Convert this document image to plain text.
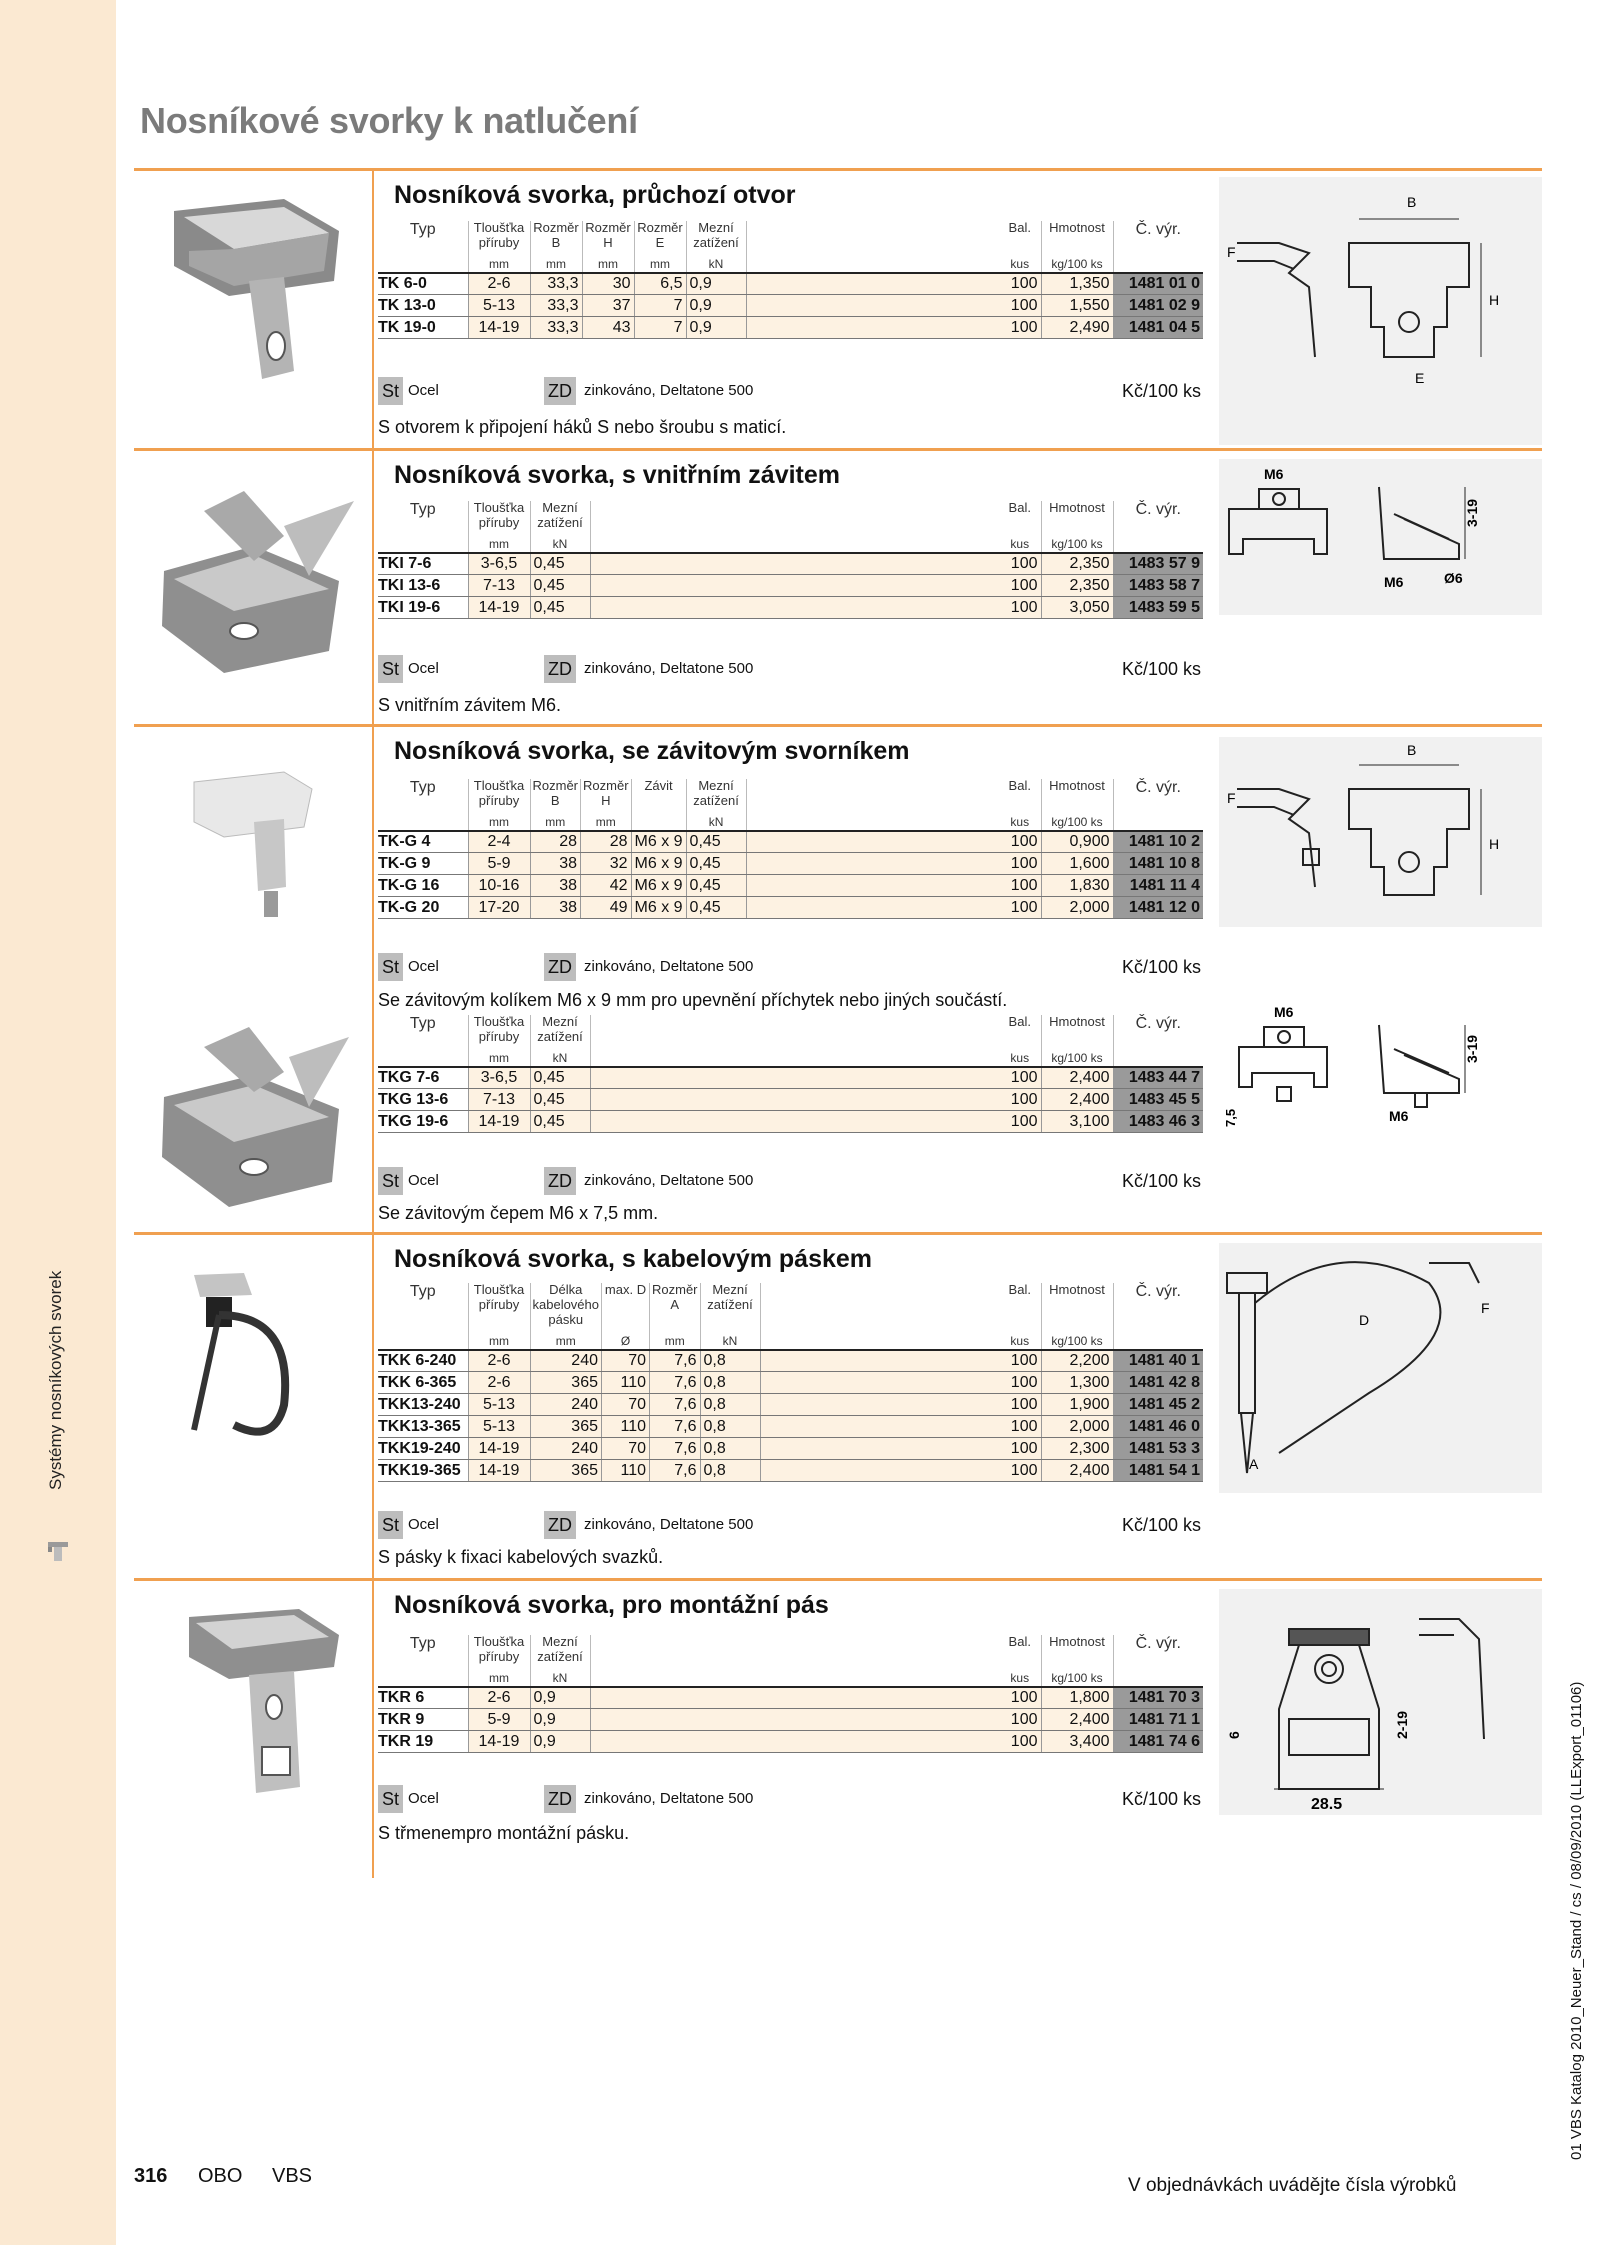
Systémy nosníkových svorek
Nosníkové svorky k natlučení
Nosníková svorka, průchozí otvor
Typ	Tloušťka příruby	Rozměr B	Rozměr H	Rozměr E	Mezní zatížení		Bal.	Hmotnost	Č. výr.
	mm	mm	mm	mm	kN		kus	kg/100 ks	
TK 6-0	2-6	33,3	30	6,5	0,9		100	1,350	1481 01 0
TK 13-0	5-13	33,3	37	7	0,9		100	1,550	1481 02 9
TK 19-0	14-19	33,3	43	7	0,9		100	2,490	1481 04 5
St Ocel	ZD zinkováno, Deltatone 500	Kč/100 ks
S otvorem k připojení háků S nebo šroubu s maticí.
B
F
H
E
Nosníková svorka, s vnitřním závitem
Typ	Tloušťka příruby	Mezní zatížení		Bal.	Hmotnost	Č. výr.
	mm	kN		kus	kg/100 ks	
TKI 7-6	3-6,5	0,45		100	2,350	1483 57 9
TKI 13-6	7-13	0,45		100	2,350	1483 58 7
TKI 19-6	14-19	0,45		100	3,050	1483 59 5
St Ocel	ZD zinkováno, Deltatone 500	Kč/100 ks
S vnitřním závitem M6.
M6
3-19
M6	Ø6
Nosníková svorka, se závitovým svorníkem
Typ	Tloušťka příruby	Rozměr B	Rozměr H	Závit	Mezní zatížení		Bal.	Hmotnost	Č. výr.
	mm	mm	mm		kN		kus	kg/100 ks	
TK-G 4	2-4	28	28	M6 x 9	0,45		100	0,900	1481 10 2
TK-G 9	5-9	38	32	M6 x 9	0,45		100	1,600	1481 10 8
TK-G 16	10-16	38	42	M6 x 9	0,45		100	1,830	1481 11 4
TK-G 20	17-20	38	49	M6 x 9	0,45		100	2,000	1481 12 0
St Ocel	ZD zinkováno, Deltatone 500	Kč/100 ks
Se závitovým kolíkem M6 x 9 mm pro upevnění příchytek nebo jiných součástí.
Typ	Tloušťka příruby	Mezní zatížení		Bal.	Hmotnost	Č. výr.
	mm	kN		kus	kg/100 ks	
TKG 7-6	3-6,5	0,45		100	2,400	1483 44 7
TKG 13-6	7-13	0,45		100	2,400	1483 45 5
TKG 19-6	14-19	0,45		100	3,100	1483 46 3
St Ocel	ZD zinkováno, Deltatone 500	Kč/100 ks
Se závitovým čepem M6 x 7,5 mm.
B
F
H
M6
3-19
7,5	M6
Nosníková svorka, s kabelovým páskem
Typ	Tloušťka příruby	Délka kabelového pásku	max. D	Rozměr A	Mezní zatížení		Bal.	Hmotnost	Č. výr.
	mm	mm	Ø	mm	kN		kus	kg/100 ks	
TKK 6-240	2-6	240	70	7,6	0,8		100	2,200	1481 40 1
TKK 6-365	2-6	365	110	7,6	0,8		100	1,300	1481 42 8
TKK13-240	5-13	240	70	7,6	0,8		100	1,900	1481 45 2
TKK13-365	5-13	365	110	7,6	0,8		100	2,000	1481 46 0
TKK19-240	14-19	240	70	7,6	0,8		100	2,300	1481 53 3
TKK19-365	14-19	365	110	7,6	0,8		100	2,400	1481 54 1
St Ocel	ZD zinkováno, Deltatone 500	Kč/100 ks
S pásky k fixaci kabelových svazků.
D
F
A
Nosníková svorka, pro montážní pás
Typ	Tloušťka příruby	Mezní zatížení		Bal.	Hmotnost	Č. výr.
	mm	kN		kus	kg/100 ks	
TKR 6	2-6	0,9		100	1,800	1481 70 3
TKR 9	5-9	0,9		100	2,400	1481 71 1
TKR 19	14-19	0,9		100	3,400	1481 74 6
St Ocel	ZD zinkováno, Deltatone 500	Kč/100 ks
S třmenempro montážní pásku.
2-19
6
28.5
316 OBO VBS	V objednávkách uvádějte čísla výrobků
01 VBS Katalog 2010_Neuer_Stand / cs / 08/09/2010 (LLExport_01106)
